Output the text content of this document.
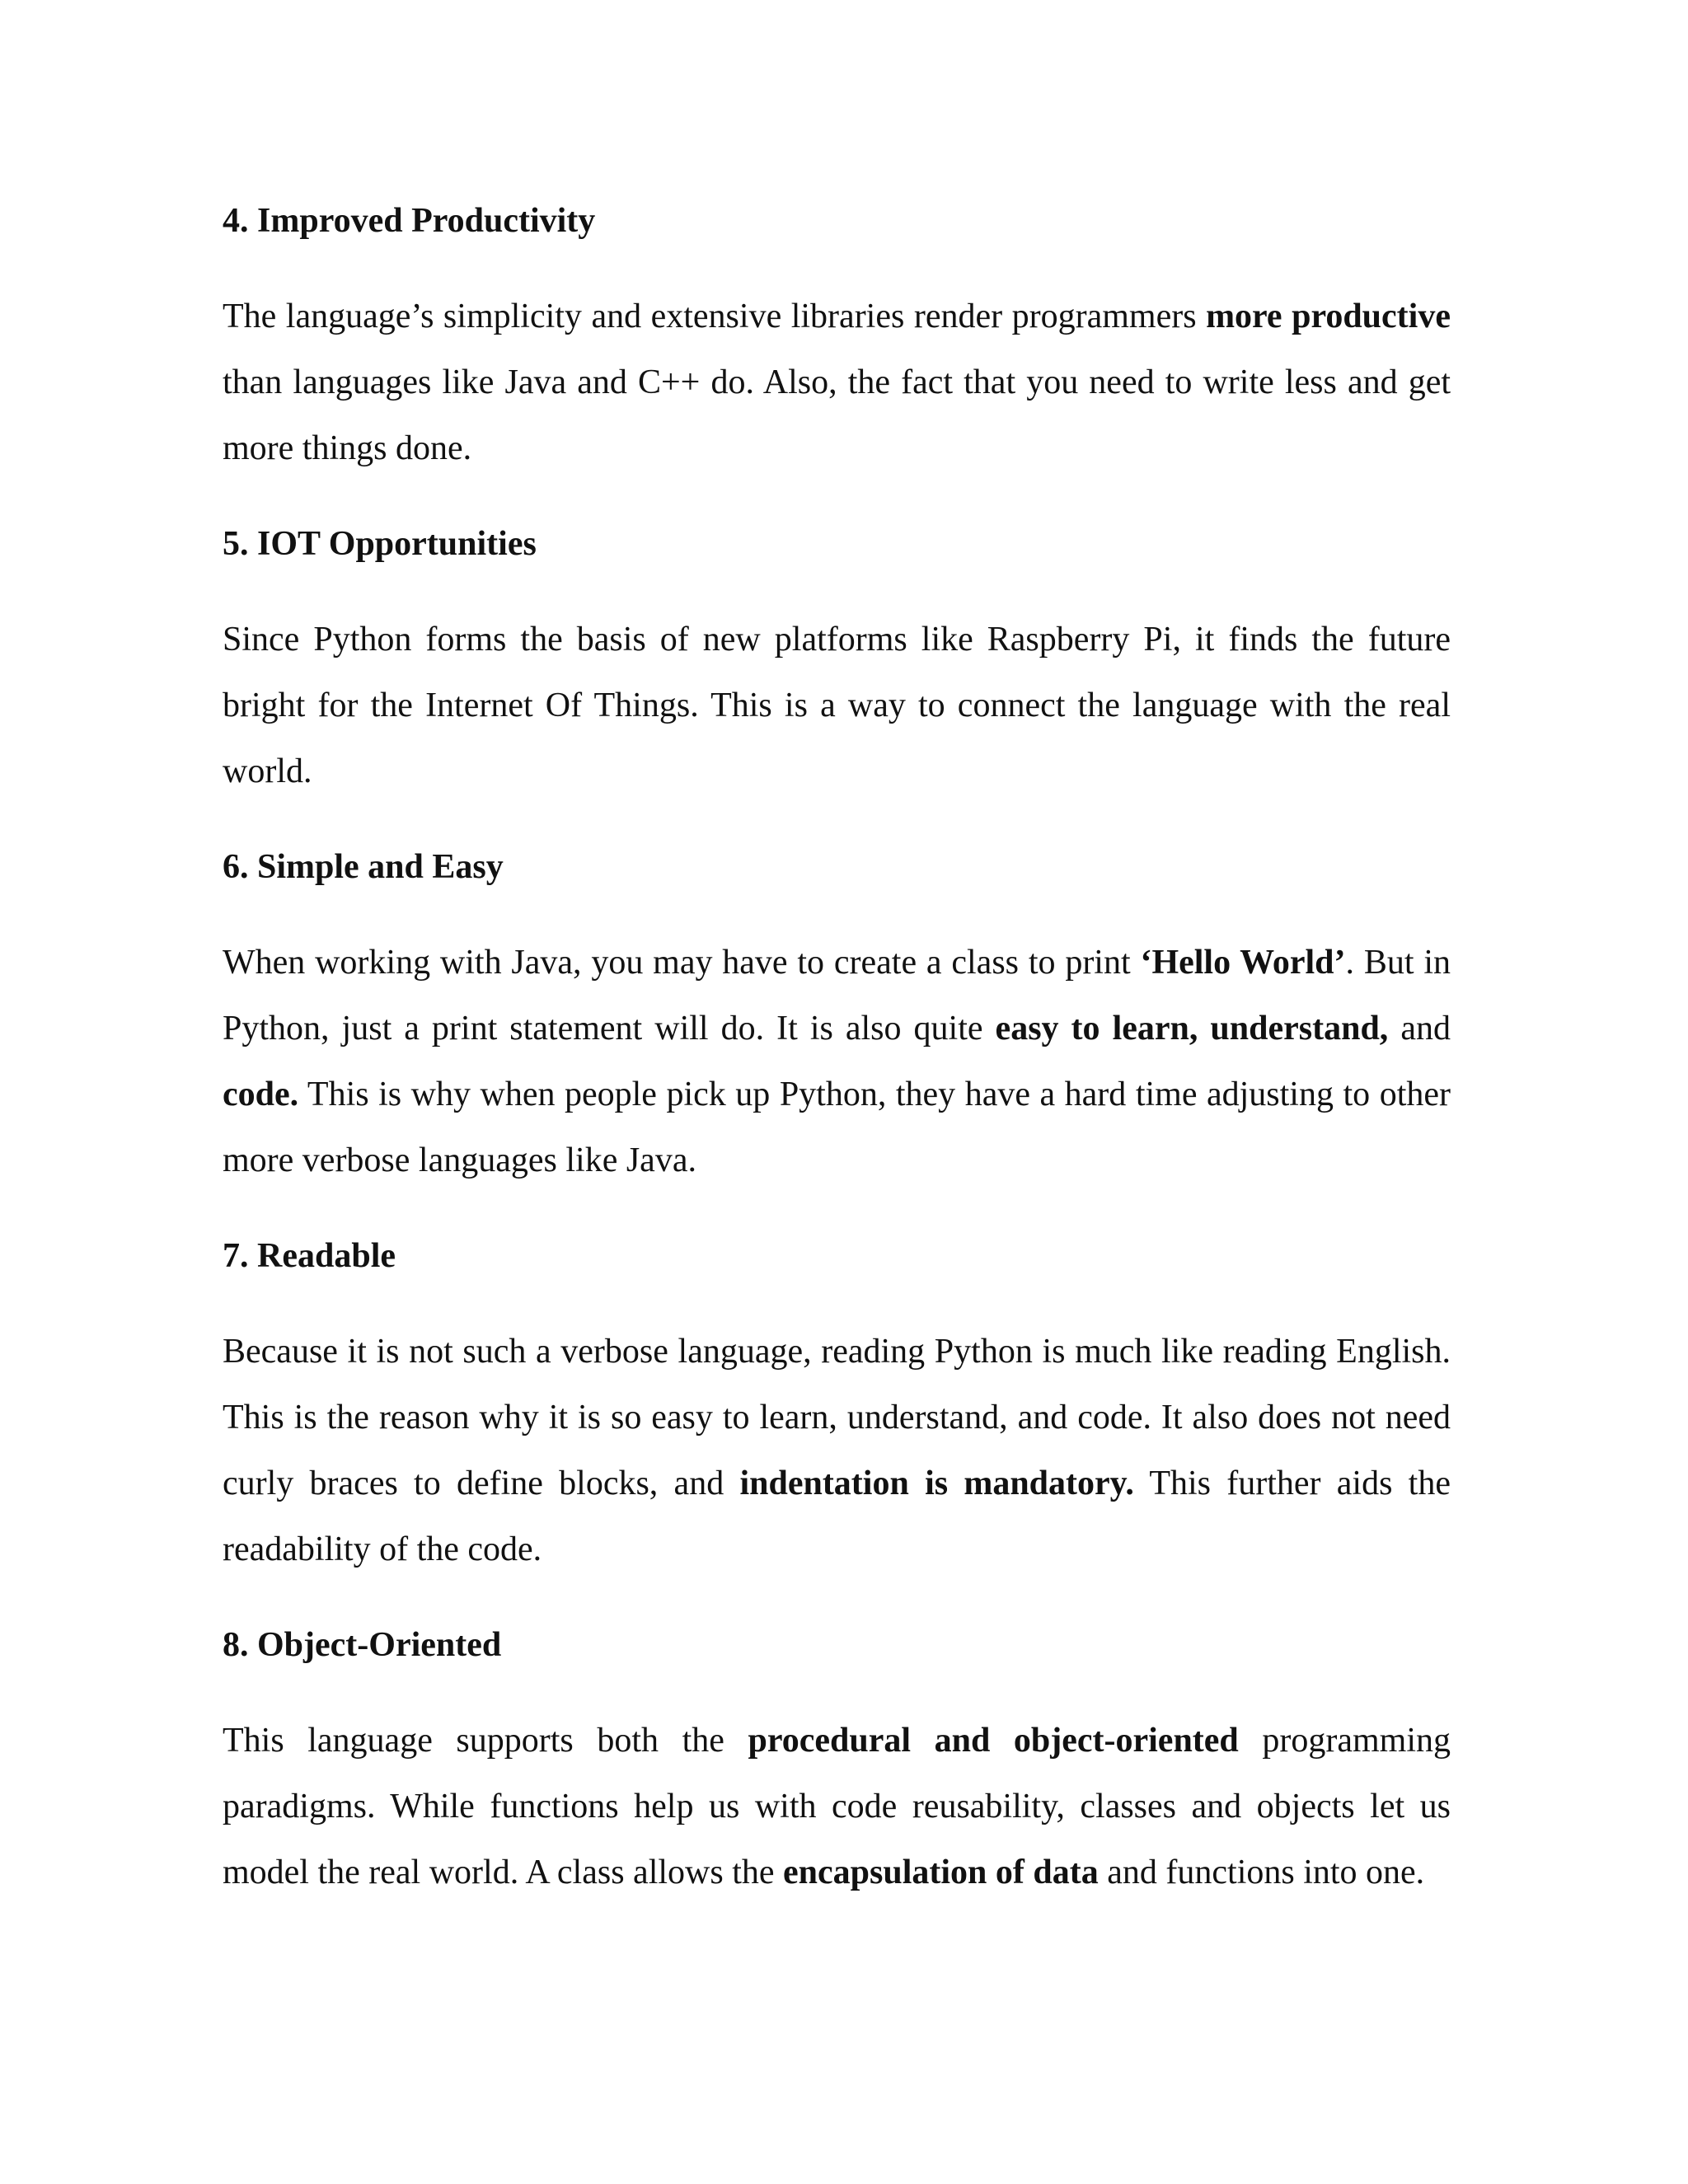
4. Improved Productivity

The language’s simplicity and extensive libraries render programmers more productive than languages like Java and C++ do. Also, the fact that you need to write less and get more things done.

5. IOT Opportunities

Since Python forms the basis of new platforms like Raspberry Pi, it finds the future bright for the Internet Of Things. This is a way to connect the language with the real world.

6. Simple and Easy

When working with Java, you may have to create a class to print ‘Hello World’. But in Python, just a print statement will do. It is also quite easy to learn, understand, and code. This is why when people pick up Python, they have a hard time adjusting to other more verbose languages like Java.

7. Readable

Because it is not such a verbose language, reading Python is much like reading English. This is the reason why it is so easy to learn, understand, and code. It also does not need curly braces to define blocks, and indentation is mandatory. This further aids the readability of the code.

8. Object-Oriented

This language supports both the procedural and object-oriented programming paradigms. While functions help us with code reusability, classes and objects let us model the real world. A class allows the encapsulation of data and functions into one.
